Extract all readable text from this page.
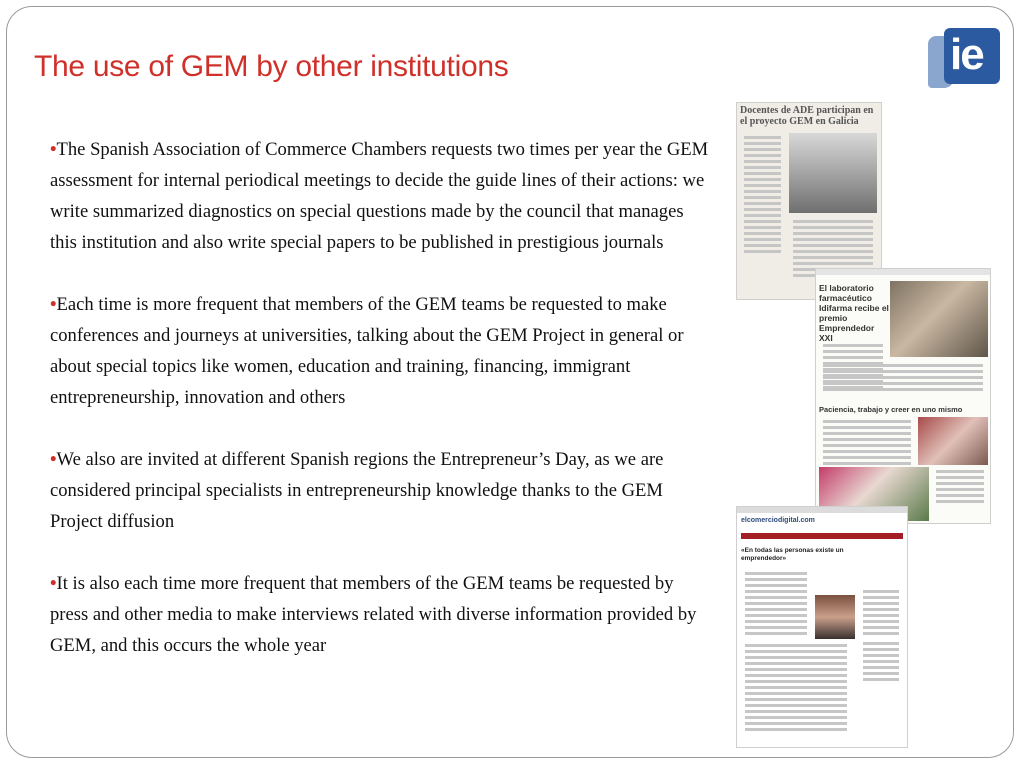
The use of GEM by other institutions	ie
•The Spanish Association of Commerce Chambers requests two times per year the GEM assessment for internal periodical meetings to decide the guide lines of their actions: we write summarized diagnostics on special questions made by the council that manages this institution and also write special papers to be published in prestigious journals
•Each time is more frequent that members of the GEM teams be requested to make conferences and journeys at universities, talking about the GEM Project in general or about special topics like women, education and training, financing, immigrant entrepreneurship, innovation and others
•We also are invited at different Spanish regions the Entrepreneur’s Day, as we are considered principal specialists in entrepreneurship knowledge thanks to the GEM Project diffusion
•It is also each time more frequent that members of the GEM teams be requested by press and other media to make interviews related with diverse information provided by GEM, and this occurs the whole year
Docentes de ADE participan en el proyecto GEM en Galicia
El laboratorio farmacéutico Idifarma recibe el premio Emprendedor XXI
Paciencia, trabajo y creer en uno mismo
elcomerciodigital.com
«En todas las personas existe un emprendedor»
